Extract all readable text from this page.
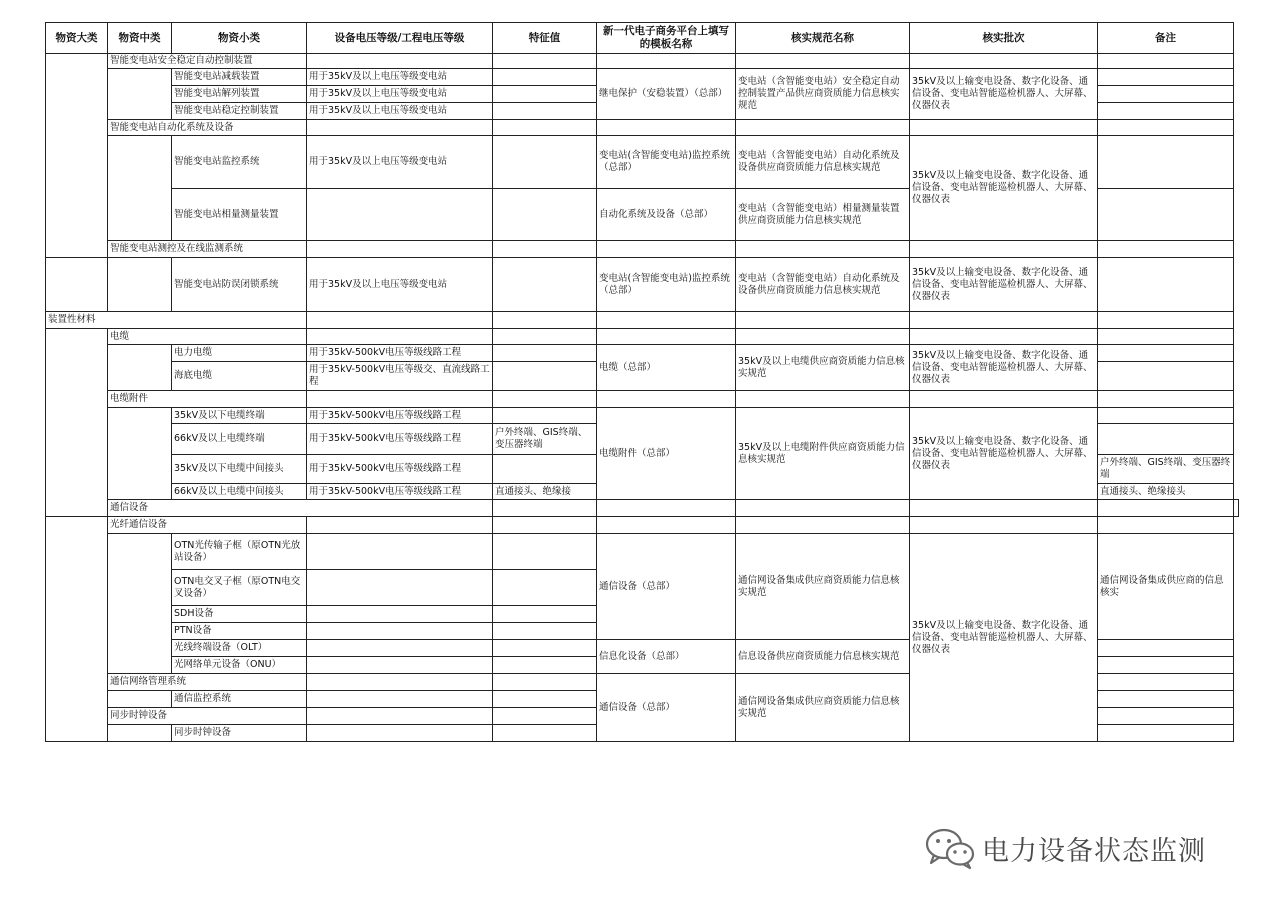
物资大类	物资中类	物资小类	设备电压等级/工程电压等级	特征值	新一代电子商务平台上填写的模板名称	核实规范名称	核实批次	备注	
	智能变电站安全稳定自动控制装置								
		智能变电站减载装置	用于35kV及以上电压等级变电站		继电保护（安稳装置）（总部）	变电站（含智能变电站）安全稳定自动控制装置产品供应商资质能力信息核实规范	35kV及以上输变电设备、数字化设备、通信设备、变电站智能巡检机器人、大屏幕、仪器仪表		
		智能变电站解列装置	用于35kV及以上电压等级变电站						
		智能变电站稳定控制装置	用于35kV及以上电压等级变电站						
	智能变电站自动化系统及设备								
		智能变电站监控系统	用于35kV及以上电压等级变电站		变电站(含智能变电站)监控系统（总部）	变电站（含智能变电站）自动化系统及设备供应商资质能力信息核实规范	35kV及以上输变电设备、数字化设备、通信设备、变电站智能巡检机器人、大屏幕、仪器仪表		
		智能变电站相量测量装置			自动化系统及设备（总部）	变电站（含智能变电站）相量测量装置供应商资质能力信息核实规范			
	智能变电站测控及在线监测系统								
		智能变电站防误闭锁系统	用于35kV及以上电压等级变电站		变电站(含智能变电站)监控系统（总部）	变电站（含智能变电站）自动化系统及设备供应商资质能力信息核实规范	35kV及以上输变电设备、数字化设备、通信设备、变电站智能巡检机器人、大屏幕、仪器仪表		
装置性材料									
	电缆								
		电力电缆	用于35kV-500kV电压等级线路工程		电缆（总部）	35kV及以上电缆供应商资质能力信息核实规范	35kV及以上输变电设备、数字化设备、通信设备、变电站智能巡检机器人、大屏幕、仪器仪表		
		海底电缆	用于35kV-500kV电压等级交、直流线路工程						
	电缆附件								
		35kV及以下电缆终端	用于35kV-500kV电压等级线路工程		电缆附件（总部）	35kV及以上电缆附件供应商资质能力信息核实规范	35kV及以上输变电设备、数字化设备、通信设备、变电站智能巡检机器人、大屏幕、仪器仪表		
		66kV及以上电缆终端	用于35kV-500kV电压等级线路工程	户外终端、GIS终端、变压器终端					
		35kV及以下电缆中间接头	用于35kV-500kV电压等级线路工程					户外终端、GIS终端、变压器终端	
		66kV及以上电缆中间接头	用于35kV-500kV电压等级线路工程	直通接头、绝缘接				直通接头、绝缘接头	
	通信设备								
	光纤通信设备								
		OTN光传输子框（原OTN光放站设备）			通信设备（总部）	通信网设备集成供应商资质能力信息核实规范	35kV及以上输变电设备、数字化设备、通信设备、变电站智能巡检机器人、大屏幕、仪器仪表	通信网设备集成供应商的信息核实	
		OTN电交叉子框（原OTN电交叉设备）							
		SDH设备							
		PTN设备							
		光线终端设备（OLT）			信息化设备（总部）	信息设备供应商资质能力信息核实规范			
		光网络单元设备（ONU）							
	通信网络管理系统				通信设备（总部）	通信网设备集成供应商资质能力信息核实规范			
		通信监控系统							
	同步时钟设备								
		同步时钟设备							
电力设备状态监测
